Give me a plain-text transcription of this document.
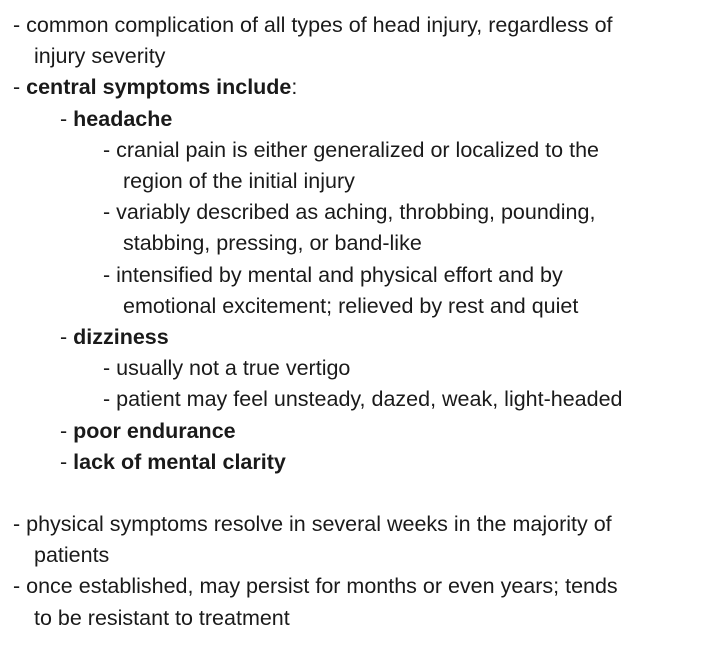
- common complication of all types of head injury, regardless of
injury severity
- central symptoms include:
- headache
- cranial pain is either generalized or localized to the
region of the initial injury
- variably described as aching, throbbing, pounding,
stabbing, pressing, or band-like
- intensified by mental and physical effort and by
emotional excitement; relieved by rest and quiet
- dizziness
- usually not a true vertigo
- patient may feel unsteady, dazed, weak, light-headed
- poor endurance
- lack of mental clarity
- physical symptoms resolve in several weeks in the majority of
patients
- once established, may persist for months or even years; tends
to be resistant to treatment
